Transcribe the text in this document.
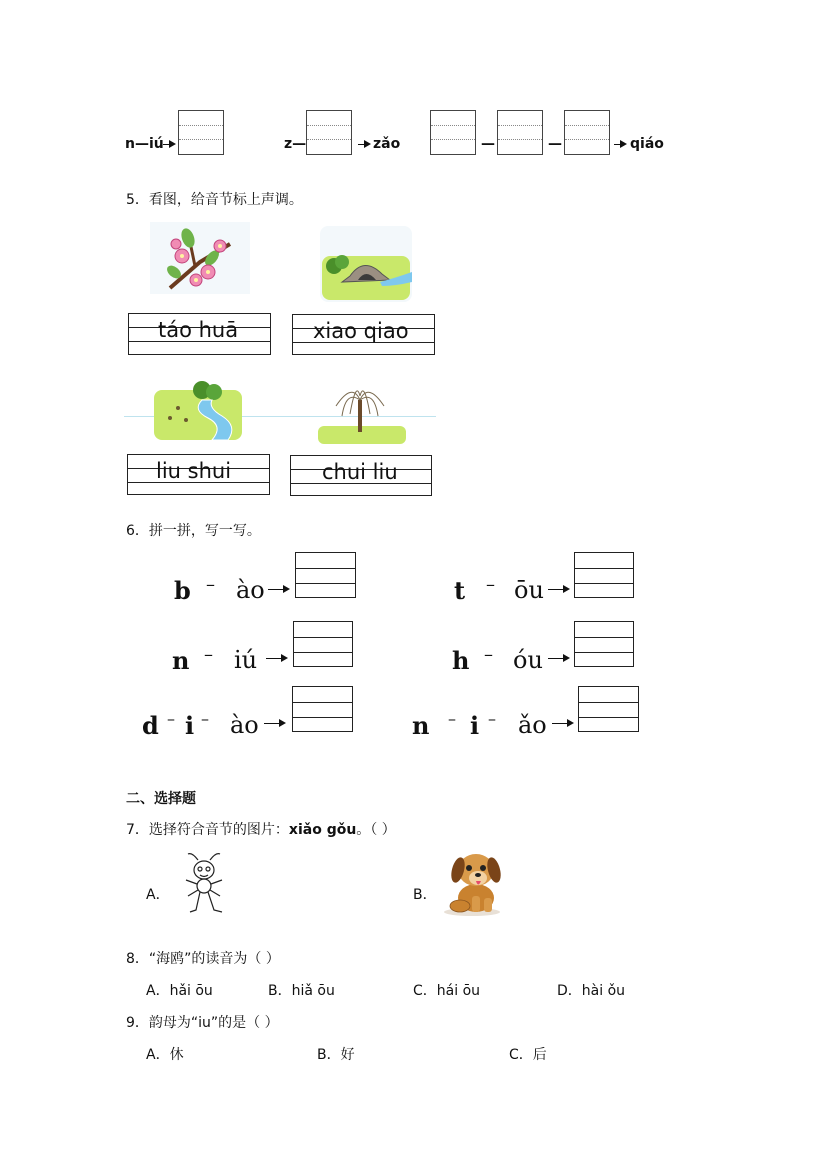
n—iú	z—	zǎo	—	—	qiáo
5．看图，给音节标上声调。
táo huā	xiao qiao
liu shui	chui liu
6．拼一拼，写一写。
b – ào	t – ōu
n – iú	h – óu
d – i – ào	n – i – ǎo
二、选择题
7．选择符合音节的图片：xiǎo gǒu。（ ）
A．	B．
8．“海鸥”的读音为（ ）
A．hǎi ōu	B．hiǎ ōu	C．hái ōu	D．hài ǒu
9．韵母为“iu”的是（ ）
A．休	B．好	C．后
